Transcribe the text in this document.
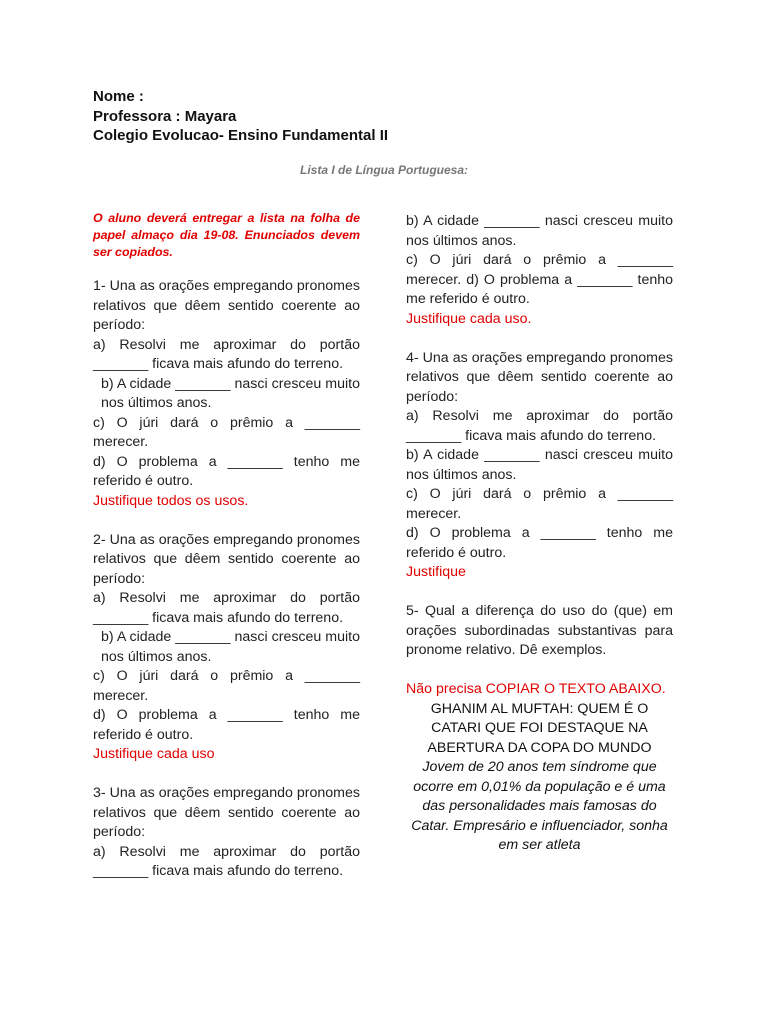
Nome :
Professora : Mayara
Colegio Evolucao- Ensino Fundamental II
Lista I de Língua Portuguesa:

O aluno deverá entregar a lista na folha de papel almaço dia 19-08. Enunciados devem ser copiados.

1- Una as orações empregando pronomes relativos que dêem sentido coerente ao período:

a) Resolvi me aproximar do portão _______ ficava mais afundo do terreno.

b) A cidade _______ nasci cresceu muito nos últimos anos.

c) O júri dará o prêmio a _______ merecer.

d) O problema a _______ tenho me referido é outro.

Justifique todos os usos.

2- Una as orações empregando pronomes relativos que dêem sentido coerente ao período:

a) Resolvi me aproximar do portão _______ ficava mais afundo do terreno.

b) A cidade _______ nasci cresceu muito nos últimos anos.

c) O júri dará o prêmio a _______ merecer.

d) O problema a _______ tenho me referido é outro.

Justifique cada uso

3- Una as orações empregando pronomes relativos que dêem sentido coerente ao período:

a) Resolvi me aproximar do portão _______ ficava mais afundo do terreno.

b) A cidade _______ nasci cresceu muito nos últimos anos.

c) O júri dará o prêmio a _______ merecer. d) O problema a _______ tenho me referido é outro.

Justifique cada uso.

4- Una as orações empregando pronomes relativos que dêem sentido coerente ao período:

a) Resolvi me aproximar do portão _______ ficava mais afundo do terreno.

b) A cidade _______ nasci cresceu muito nos últimos anos.

c) O júri dará o prêmio a _______ merecer.

d) O problema a _______ tenho me referido é outro.

Justifique

5- Qual a diferença do uso do (que) em orações subordinadas substantivas para pronome relativo. Dê exemplos.

Não precisa COPIAR O TEXTO ABAIXO.

GHANIM AL MUFTAH: QUEM É O CATARI QUE FOI DESTAQUE NA ABERTURA DA COPA DO MUNDO

Jovem de 20 anos tem síndrome que ocorre em 0,01% da população e é uma das personalidades mais famosas do Catar. Empresário e influenciador, sonha em ser atleta
